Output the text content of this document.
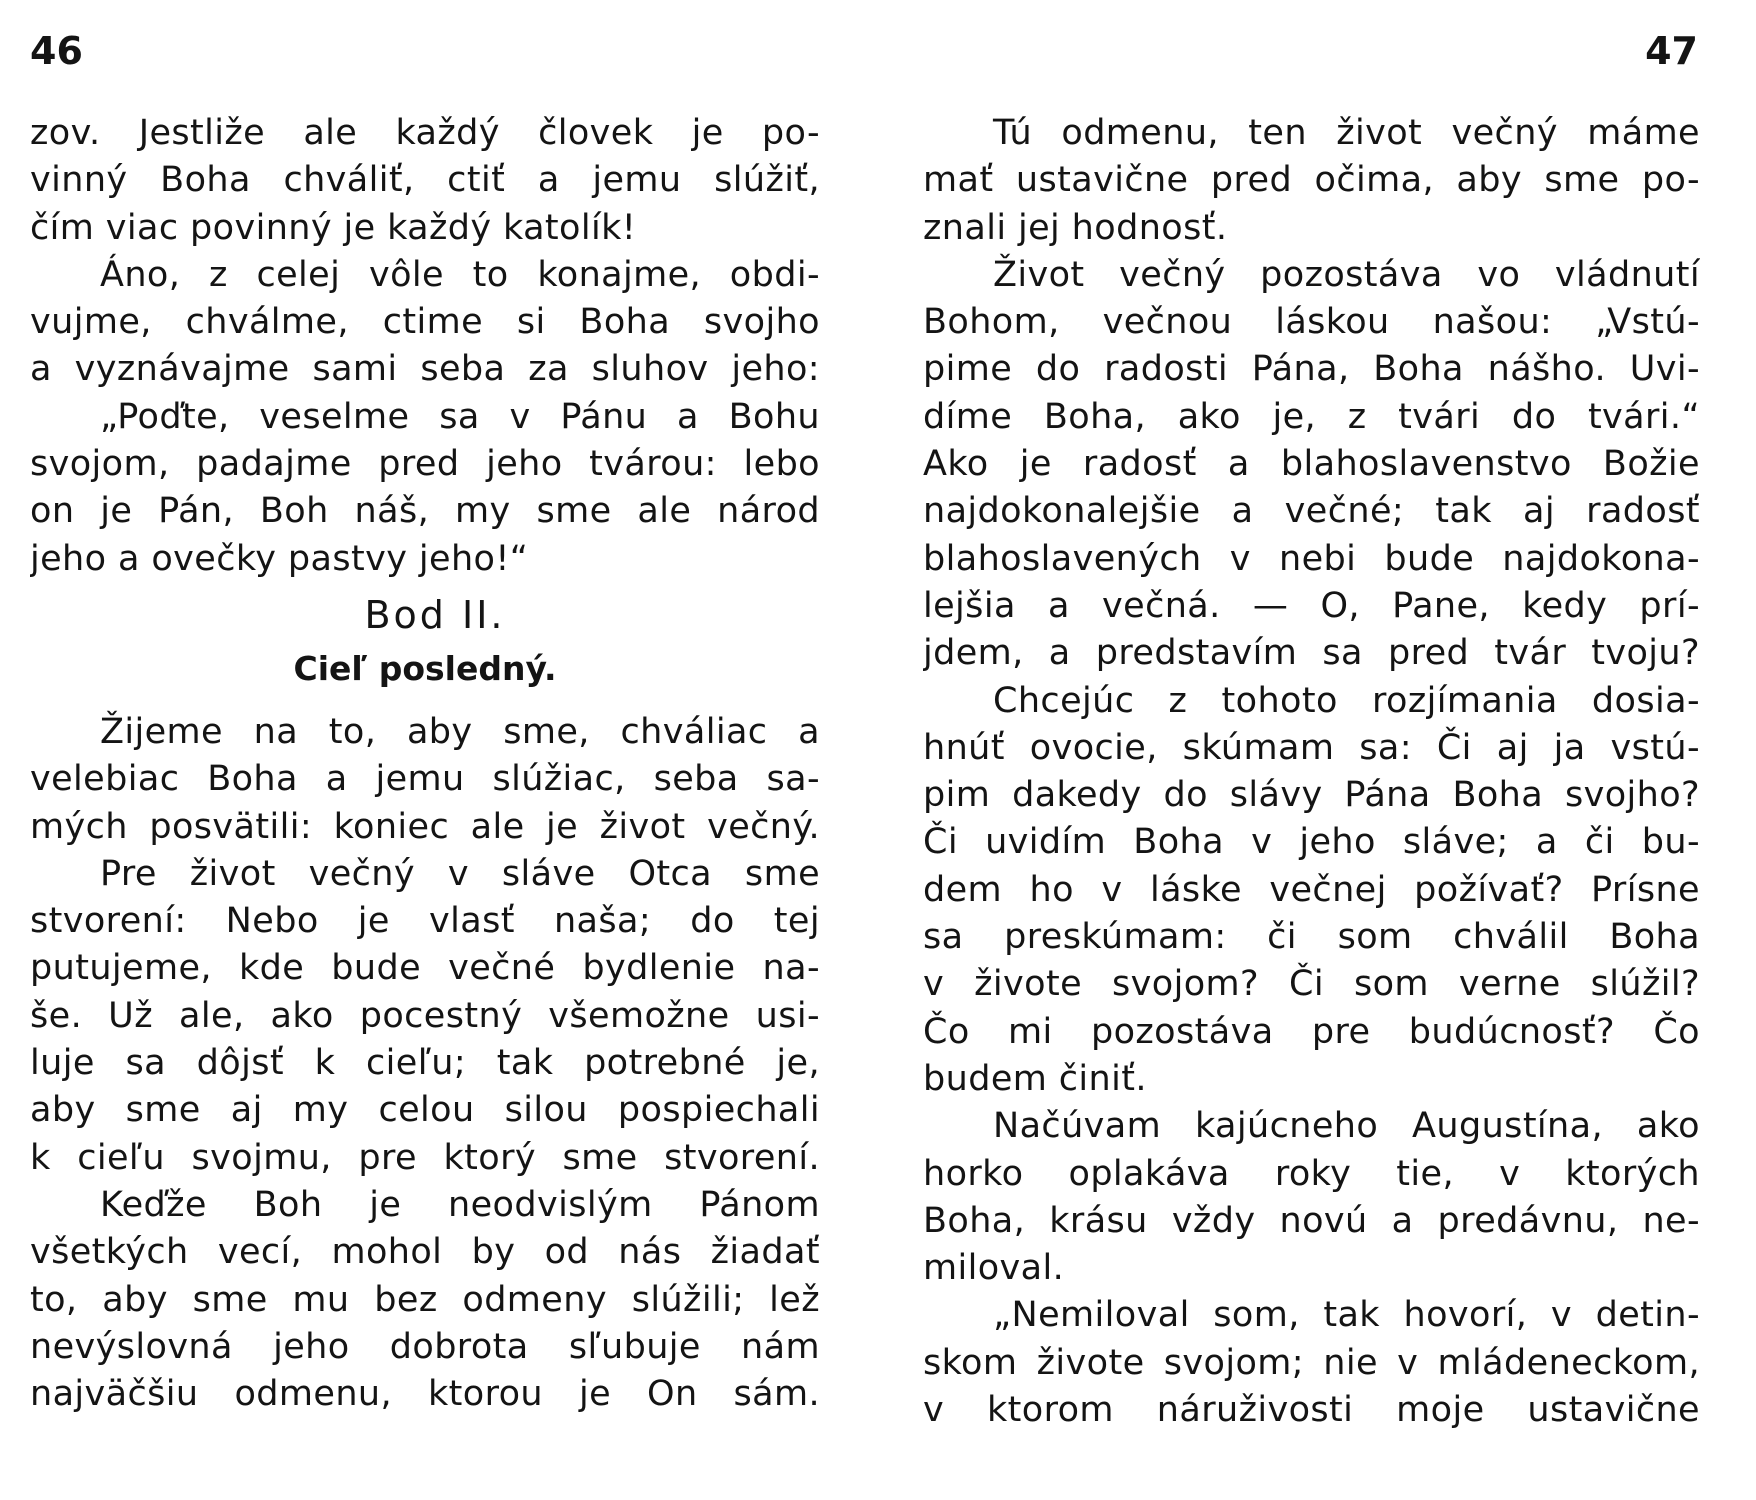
46
zov. Jestliže ale každý človek je po-
vinný Boha chváliť, ctiť a jemu slúžiť,
čím viac povinný je každý katolík!
Áno, z celej vôle to konajme, obdi-
vujme, chválme, ctime si Boha svojho
a vyznávajme sami seba za sluhov jeho:
„Poďte, veselme sa v Pánu a Bohu
svojom, padajme pred jeho tvárou: lebo
on je Pán, Boh náš, my sme ale národ
jeho a ovečky pastvy jeho!“
Bod II.
Cieľ posledný.
Žijeme na to, aby sme, chváliac a
velebiac Boha a jemu slúžiac, seba sa-
mých posvätili: koniec ale je život večný.
Pre život večný v sláve Otca sme
stvorení: Nebo je vlasť naša; do tej
putujeme, kde bude večné bydlenie na-
še. Už ale, ako pocestný všemožne usi-
luje sa dôjsť k cieľu; tak potrebné je,
aby sme aj my celou silou pospiechali
k cieľu svojmu, pre ktorý sme stvorení.
Keďže Boh je neodvislým Pánom
všetkých vecí, mohol by od nás žiadať
to, aby sme mu bez odmeny slúžili; lež
nevýslovná jeho dobrota sľubuje nám
najväčšiu odmenu, ktorou je On sám.
47
Tú odmenu, ten život večný máme
mať ustavične pred očima, aby sme po-
znali jej hodnosť.
Život večný pozostáva vo vládnutí
Bohom, večnou láskou našou: „Vstú-
pime do radosti Pána, Boha nášho. Uvi-
díme Boha, ako je, z tvári do tvári.“
Ako je radosť a blahoslavenstvo Božie
najdokonalejšie a večné; tak aj radosť
blahoslavených v nebi bude najdokona-
lejšia a večná. — O, Pane, kedy prí-
jdem, a predstavím sa pred tvár tvoju?
Chcejúc z tohoto rozjímania dosia-
hnúť ovocie, skúmam sa: Či aj ja vstú-
pim dakedy do slávy Pána Boha svojho?
Či uvidím Boha v jeho sláve; a či bu-
dem ho v láske večnej požívať? Prísne
sa preskúmam: či som chválil Boha
v živote svojom? Či som verne slúžil?
Čo mi pozostáva pre budúcnosť? Čo
budem činiť.
Načúvam kajúcneho Augustína, ako
horko oplakáva roky tie, v ktorých
Boha, krásu vždy novú a predávnu, ne-
miloval.
„Nemiloval som, tak hovorí, v detin-
skom živote svojom; nie v mládeneckom,
v ktorom náruživosti moje ustavične
